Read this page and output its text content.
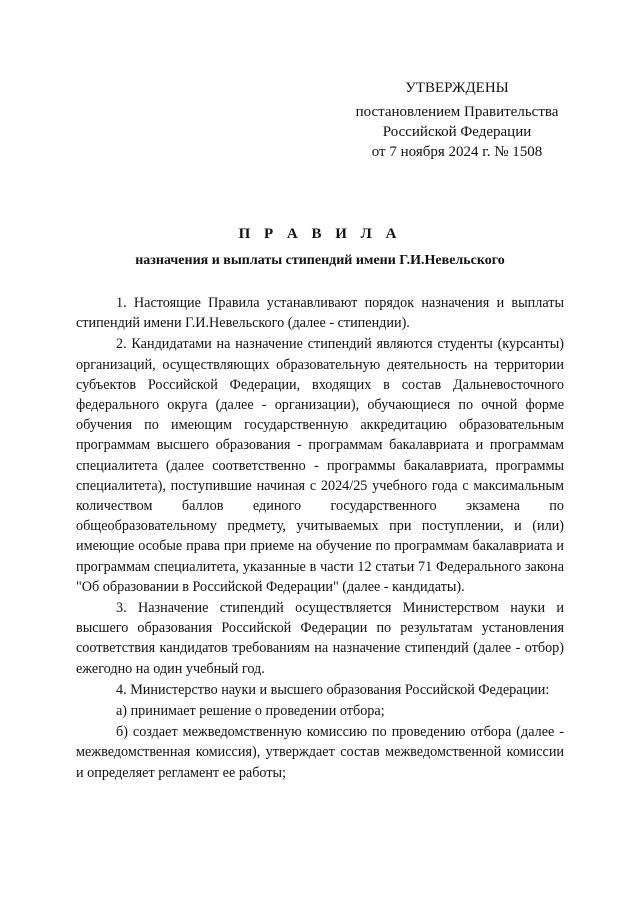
УТВЕРЖДЕНЫ
постановлением Правительства
Российской Федерации
от 7 ноября 2024 г. № 1508
П Р А В И Л А
назначения и выплаты стипендий имени Г.И.Невельского

1. Настоящие Правила устанавливают порядок назначения и выплаты стипендий имени Г.И.Невельского (далее - стипендии).

2. Кандидатами на назначение стипендий являются студенты (курсанты) организаций, осуществляющих образовательную деятельность на территории субъектов Российской Федерации, входящих в состав Дальневосточного федерального округа (далее - организации), обучающиеся по очной форме обучения по имеющим государственную аккредитацию образовательным программам высшего образования - программам бакалавриата и программам специалитета (далее соответственно - программы бакалавриата, программы специалитета), поступившие начиная с 2024/25 учебного года с максимальным количеством баллов единого государственного экзамена по общеобразовательному предмету, учитываемых при поступлении, и (или) имеющие особые права при приеме на обучение по программам бакалавриата и программам специалитета, указанные в части 12 статьи 71 Федерального закона "Об образовании в Российской Федерации" (далее - кандидаты).

3. Назначение стипендий осуществляется Министерством науки и высшего образования Российской Федерации по результатам установления соответствия кандидатов требованиям на назначение стипендий (далее - отбор) ежегодно на один учебный год.

4. Министерство науки и высшего образования Российской Федерации:

а) принимает решение о проведении отбора;

б) создает межведомственную комиссию по проведению отбора (далее - межведомственная комиссия), утверждает состав межведомственной комиссии и определяет регламент ее работы;
